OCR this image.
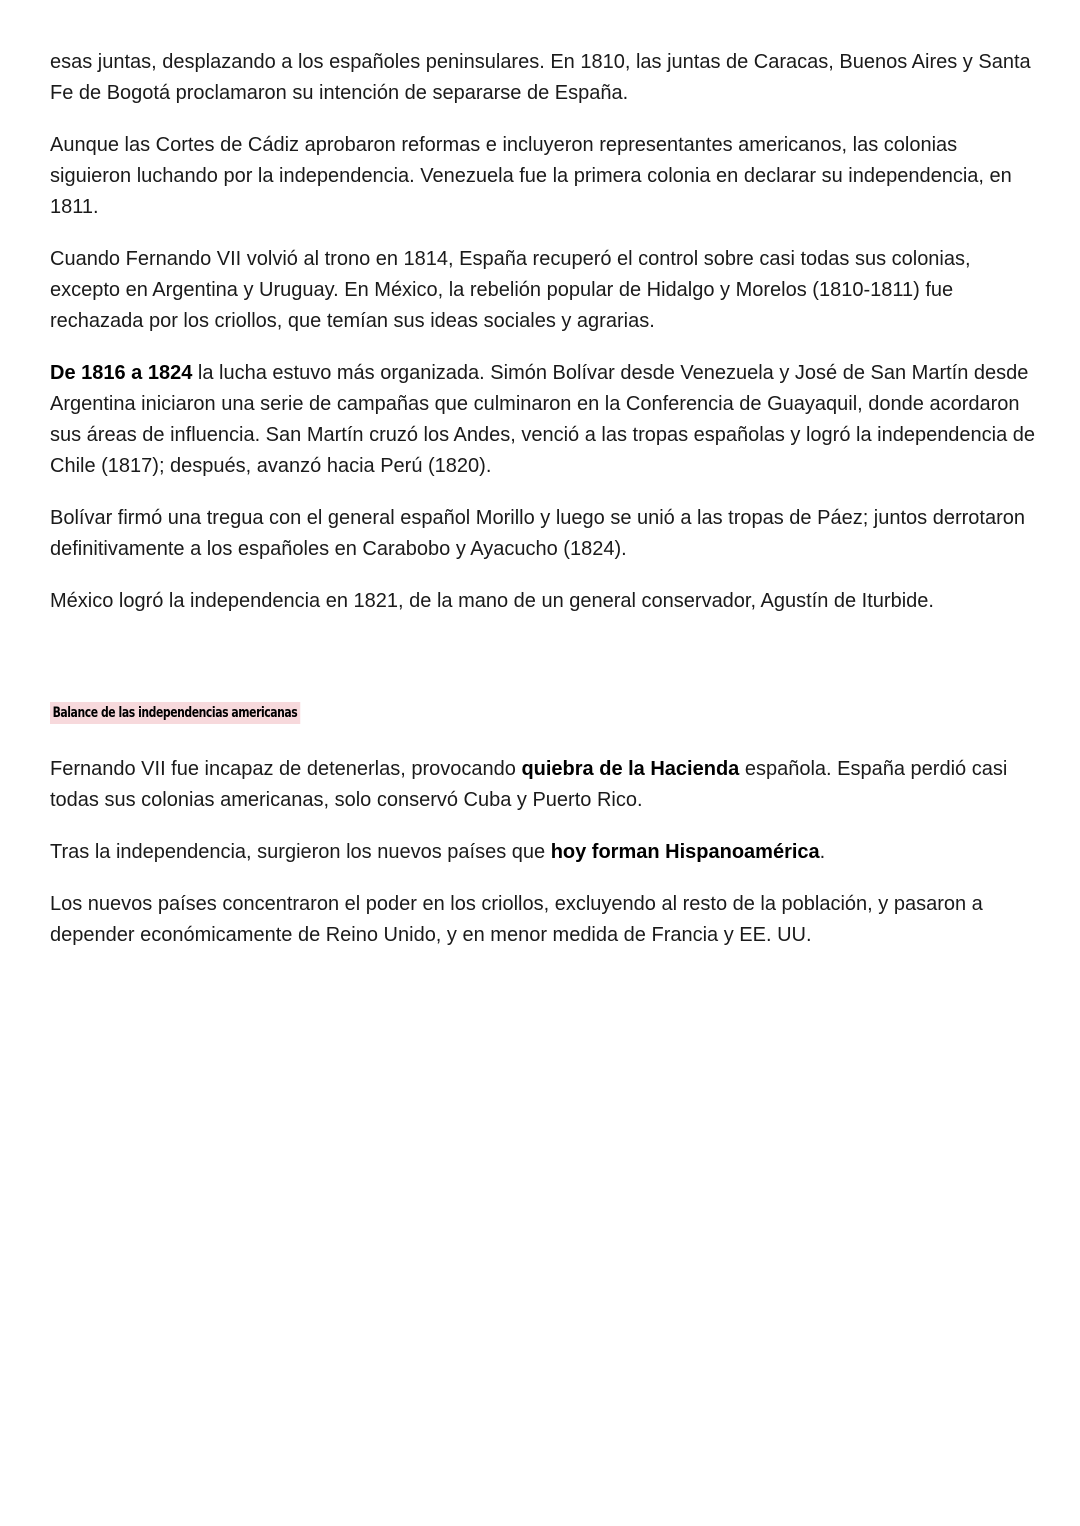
esas juntas, desplazando a los españoles peninsulares. En 1810, las juntas de Caracas, Buenos Aires y Santa Fe de Bogotá proclamaron su intención de separarse de España.

Aunque las Cortes de Cádiz aprobaron reformas e incluyeron representantes americanos, las colonias siguieron luchando por la independencia. Venezuela fue la primera colonia en declarar su independencia, en 1811.

Cuando Fernando VII volvió al trono en 1814, España recuperó el control sobre casi todas sus colonias, excepto en Argentina y Uruguay. En México, la rebelión popular de Hidalgo y Morelos (1810-1811) fue rechazada por los criollos, que temían sus ideas sociales y agrarias.

De 1816 a 1824 la lucha estuvo más organizada. Simón Bolívar desde Venezuela y José de San Martín desde Argentina iniciaron una serie de campañas que culminaron en la Conferencia de Guayaquil, donde acordaron sus áreas de influencia. San Martín cruzó los Andes, venció a las tropas españolas y logró la independencia de Chile (1817); después, avanzó hacia Perú (1820).

Bolívar firmó una tregua con el general español Morillo y luego se unió a las tropas de Páez; juntos derrotaron definitivamente a los españoles en Carabobo y Ayacucho (1824).

México logró la independencia en 1821, de la mano de un general conservador, Agustín de Iturbide.

Balance de las independencias americanas

Fernando VII fue incapaz de detenerlas, provocando quiebra de la Hacienda española. España perdió casi todas sus colonias americanas, solo conservó Cuba y Puerto Rico.

Tras la independencia, surgieron los nuevos países que hoy forman Hispanoamérica.

Los nuevos países concentraron el poder en los criollos, excluyendo al resto de la población, y pasaron a depender económicamente de Reino Unido, y en menor medida de Francia y EE. UU.
